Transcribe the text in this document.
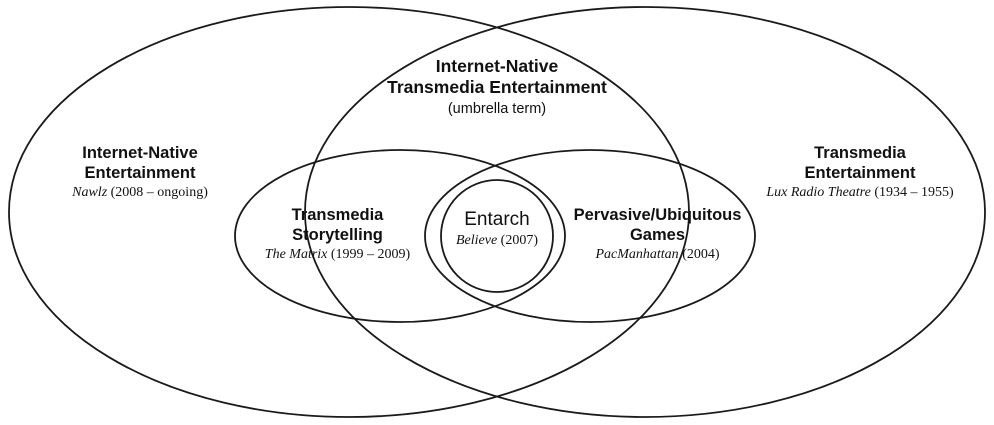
Internet-Native
Entertainment
Nawlz (2008 – ongoing)
Transmedia
Entertainment
Lux Radio Theatre (1934 – 1955)
Internet-Native
Transmedia Entertainment
(umbrella term)
Transmedia
Storytelling
The Matrix (1999 – 2009)
Pervasive/Ubiquitous
Games
PacManhattan (2004)
Entarch
Believe (2007)
